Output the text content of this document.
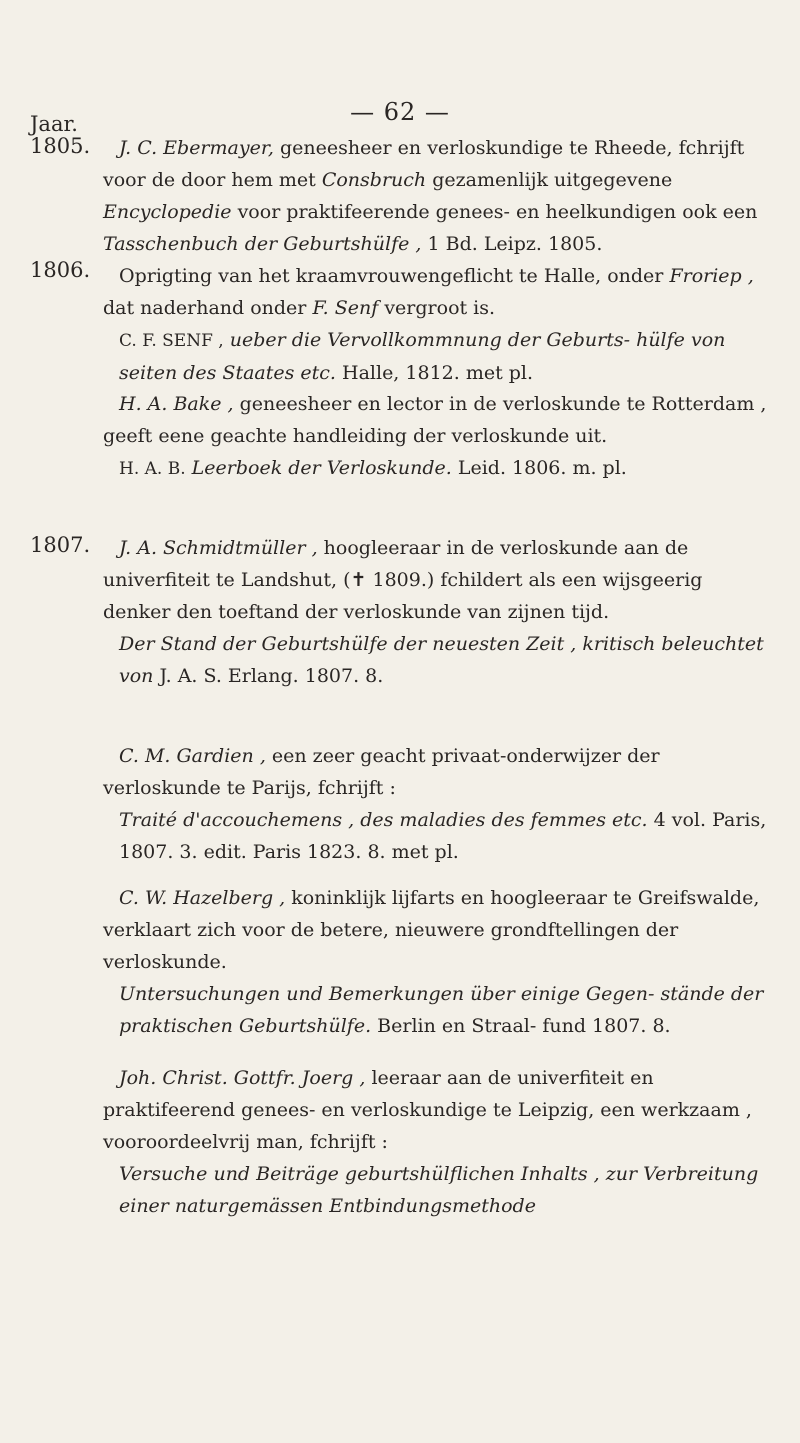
— 62 —
Jaar.
1805.
1806.
1807.

J. C. Ebermayer, geneesheer en verloskundige te Rheede, fchrijft voor de door hem met Consbruch gezamenlijk uitgegevene Encyclopedie voor praktifeerende genees- en heelkundigen ook een

Tasschenbuch der Geburtshülfe , 1 Bd. Leipz. 1805.

Oprigting van het kraamvrouwengeflicht te Halle, onder Froriep , dat naderhand onder F. Senf vergroot is.

C. F. SENF , ueber die Vervollkommnung der Geburts- hülfe von seiten des Staates etc. Halle, 1812. met pl.

H. A. Bake , geneesheer en lector in de verloskunde te Rotterdam , geeft eene geachte handleiding der verloskunde uit.

H. A. B. Leerboek der Verloskunde. Leid. 1806. m. pl.

J. A. Schmidtmüller , hoogleeraar in de verloskunde aan de univerfiteit te Landshut, (✝ 1809.) fchildert als een wijsgeerig denker den toeftand der verloskunde van zijnen tijd.

Der Stand der Geburtshülfe der neuesten Zeit , kritisch beleuchtet von J. A. S. Erlang. 1807. 8.

C. M. Gardien , een zeer geacht privaat-onderwijzer der verloskunde te Parijs, fchrijft :

Traité d'accouchemens , des maladies des femmes etc. 4 vol. Paris, 1807. 3. edit. Paris 1823. 8. met pl.

C. W. Hazelberg , koninklijk lijfarts en hoogleeraar te Greifswalde, verklaart zich voor de betere, nieuwere grondftellingen der verloskunde.

Untersuchungen und Bemerkungen über einige Gegen- stände der praktischen Geburtshülfe. Berlin en Straal- fund 1807. 8.

Joh. Christ. Gottfr. Joerg , leeraar aan de univerfiteit en praktifeerend genees- en verloskundige te Leipzig, een werkzaam , vooroordeelvrij man, fchrijft :

Versuche und Beiträge geburtshülflichen Inhalts , zur Verbreitung einer naturgemässen Entbindungsmethode
